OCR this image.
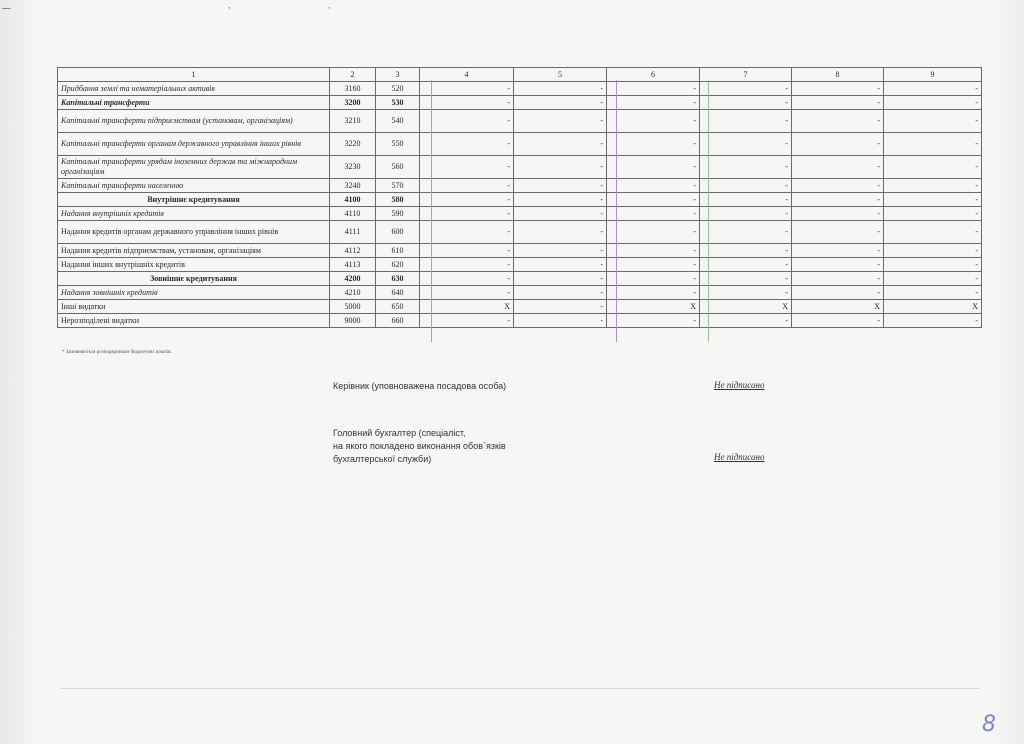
—	·	·
1	2	3	4	5	6	7	8	9
Придбання землі та нематеріальних активів	3160	520	-	-	-	-	-	-
Капітальні трансферти	3200	530	-	-	-	-	-	-
Капітальні трансферти підприємствам (установам, організаціям)	3210	540	-	-	-	-	-	-
Капітальні трансферти органам державного управління інших рівнів	3220	550	-	-	-	-	-	-
Капітальні трансферти урядам іноземних держав та міжнародним організаціям	3230	560	-	-	-	-	-	-
Капітальні трансферти населенню	3240	570	-	-	-	-	-	-
Внутрішнє кредитування	4100	580	-	-	-	-	-	-
Надання внутрішніх кредитів	4110	590	-	-	-	-	-	-
Надання кредитів органам державного управління інших рівнів	4111	600	-	-	-	-	-	-
Надання кредитів підприємствам, установам, організаціям	4112	610	-	-	-	-	-	-
Надання інших внутрішніх кредитів	4113	620	-	-	-	-	-	-
Зовнішнє кредитування	4200	630	-	-	-	-	-	-
Надання зовнішніх кредитів	4210	640	-	-	-	-	-	-
Інші видатки	5000	650	X	-	X	X	X	X
Нерозподілені видатки	9000	660	-	-	-	-	-	-
* Заповнюється розпорядником бюджетних коштів.
Керівник (уповноважена посадова особа)	Не підписано
Головний бухгалтер (спеціаліст,
на якого покладено виконання обов`язків
бухгалтерської служби)	Не підписано
8
